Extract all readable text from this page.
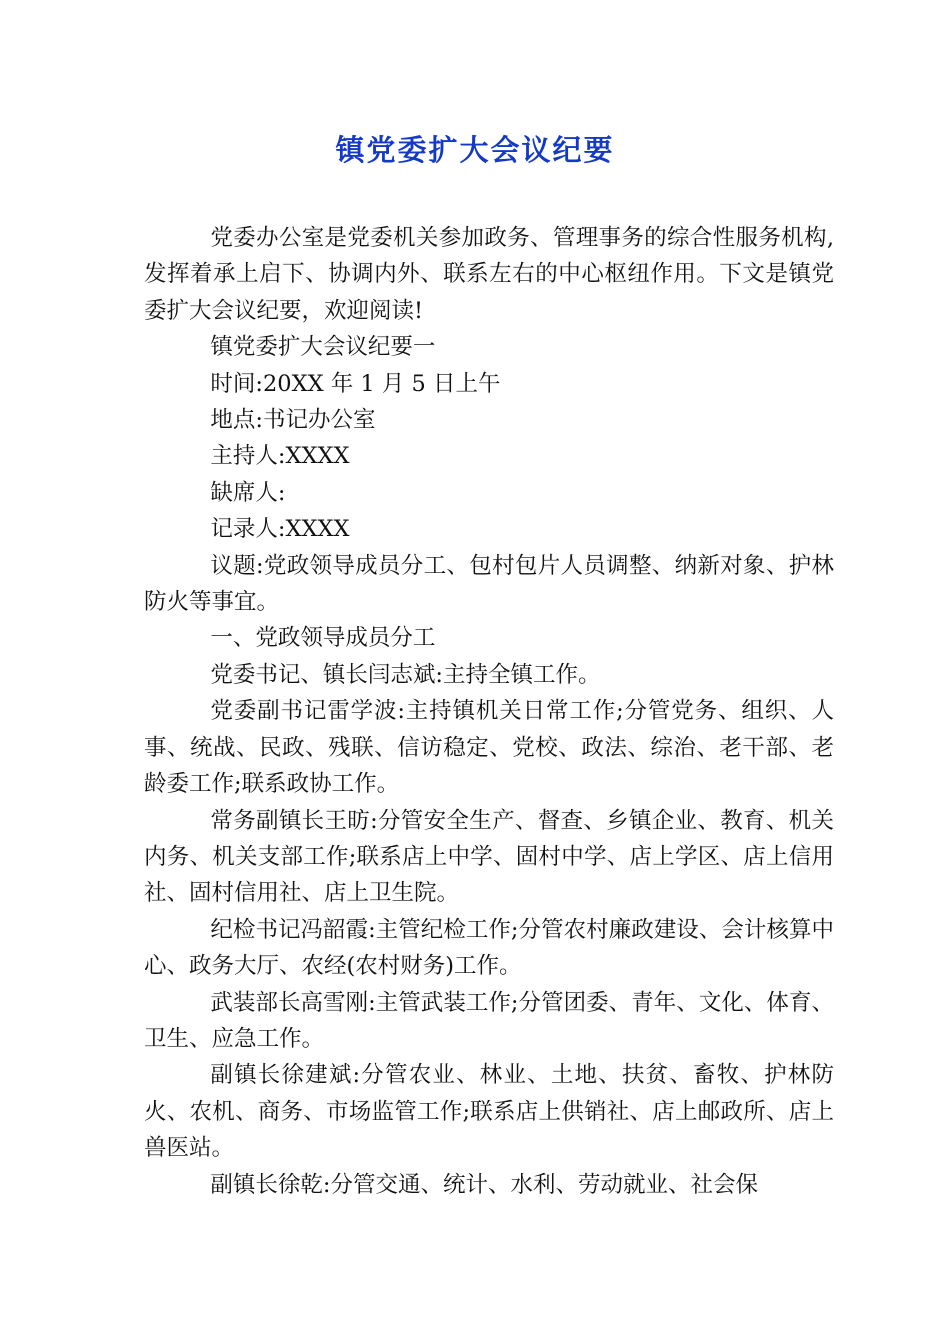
镇党委扩大会议纪要

党委办公室是党委机关参加政务、管理事务的综合性服务机构,发挥着承上启下、协调内外、联系左右的中心枢纽作用。下文是镇党委扩大会议纪要，欢迎阅读!

镇党委扩大会议纪要一

时间:20XX 年 1 月 5 日上午

地点:书记办公室

主持人:XXXX

缺席人:

记录人:XXXX

议题:党政领导成员分工、包村包片人员调整、纳新对象、护林防火等事宜。

一、党政领导成员分工

党委书记、镇长闫志斌:主持全镇工作。

党委副书记雷学波:主持镇机关日常工作;分管党务、组织、人事、统战、民政、残联、信访稳定、党校、政法、综治、老干部、老龄委工作;联系政协工作。

常务副镇长王昉:分管安全生产、督查、乡镇企业、教育、机关内务、机关支部工作;联系店上中学、固村中学、店上学区、店上信用社、固村信用社、店上卫生院。

纪检书记冯韶霞:主管纪检工作;分管农村廉政建设、会计核算中心、政务大厅、农经(农村财务)工作。

武装部长高雪刚:主管武装工作;分管团委、青年、文化、体育、卫生、应急工作。

副镇长徐建斌:分管农业、林业、土地、扶贫、畜牧、护林防火、农机、商务、市场监管工作;联系店上供销社、店上邮政所、店上兽医站。

副镇长徐乾:分管交通、统计、水利、劳动就业、社会保
